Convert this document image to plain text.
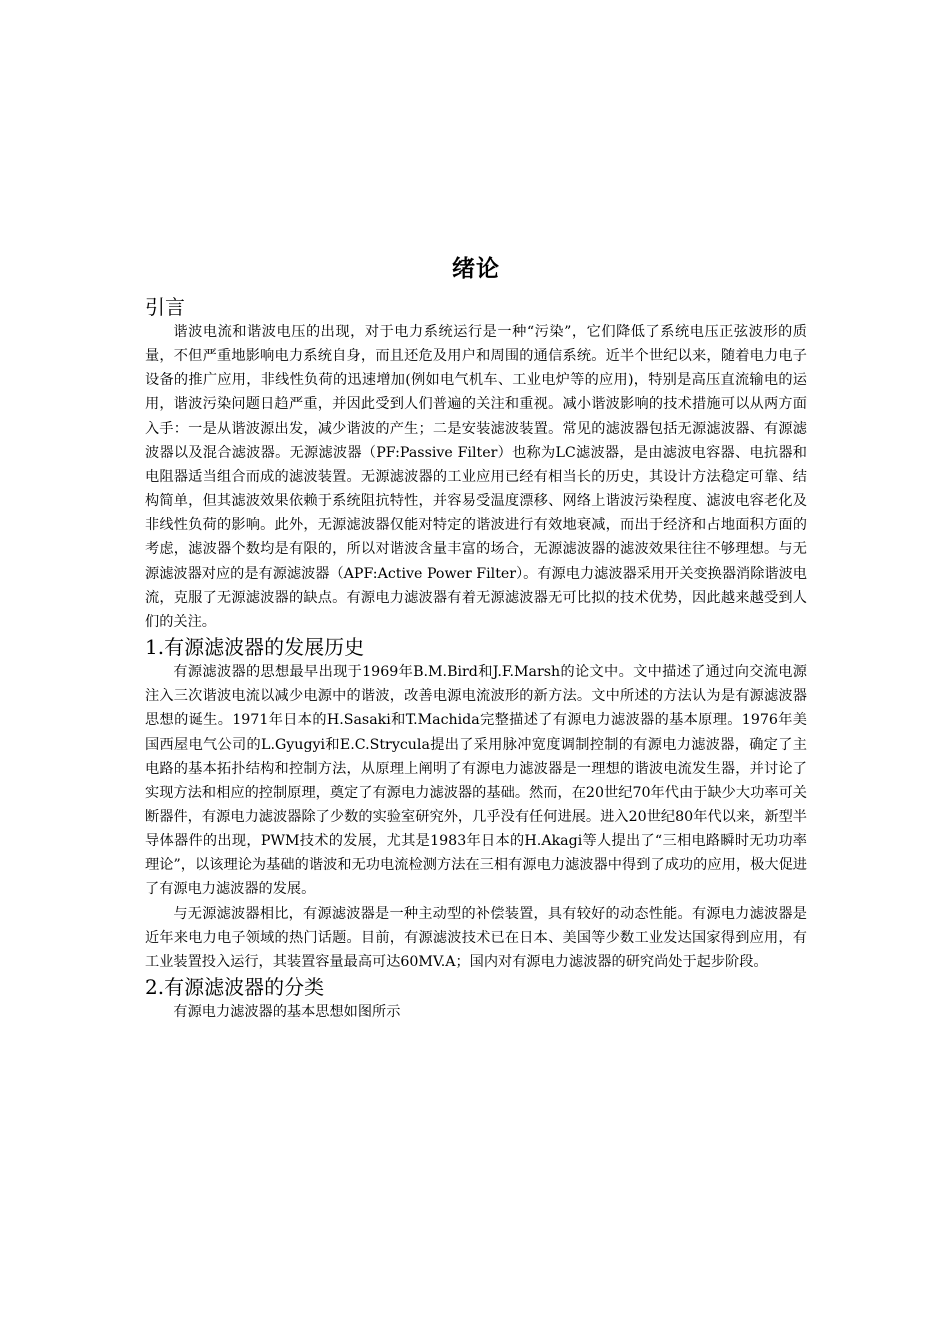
绪论
引言

谐波电流和谐波电压的出现，对于电力系统运行是一种“污染”，它们降低了系统电压正弦波形的质量，不但严重地影响电力系统自身，而且还危及用户和周围的通信系统。近半个世纪以来，随着电力电子设备的推广应用，非线性负荷的迅速增加(例如电气机车、工业电炉等的应用)，特别是高压直流输电的运用，谐波污染问题日趋严重，并因此受到人们普遍的关注和重视。减小谐波影响的技术措施可以从两方面入手：一是从谐波源出发，减少谐波的产生；二是安装滤波装置。常见的滤波器包括无源滤波器、有源滤波器以及混合滤波器。无源滤波器（PF:Passive Filter）也称为LC滤波器，是由滤波电容器、电抗器和电阻器适当组合而成的滤波装置。无源滤波器的工业应用已经有相当长的历史，其设计方法稳定可靠、结构简单，但其滤波效果依赖于系统阻抗特性，并容易受温度漂移、网络上谐波污染程度、滤波电容老化及非线性负荷的影响。此外，无源滤波器仅能对特定的谐波进行有效地衰减，而出于经济和占地面积方面的考虑，滤波器个数均是有限的，所以对谐波含量丰富的场合，无源滤波器的滤波效果往往不够理想。与无源滤波器对应的是有源滤波器（APF:Active Power Filter）。有源电力滤波器采用开关变换器消除谐波电流，克服了无源滤波器的缺点。有源电力滤波器有着无源滤波器无可比拟的技术优势，因此越来越受到人们的关注。

1.有源滤波器的发展历史

有源滤波器的思想最早出现于1969年B.M.Bird和J.F.Marsh的论文中。文中描述了通过向交流电源注入三次谐波电流以减少电源中的谐波，改善电源电流波形的新方法。文中所述的方法认为是有源滤波器思想的诞生。1971年日本的H.Sasaki和T.Machida完整描述了有源电力滤波器的基本原理。1976年美国西屋电气公司的L.Gyugyi和E.C.Strycula提出了采用脉冲宽度调制控制的有源电力滤波器，确定了主电路的基本拓扑结构和控制方法，从原理上阐明了有源电力滤波器是一理想的谐波电流发生器，并讨论了实现方法和相应的控制原理，奠定了有源电力滤波器的基础。然而，在20世纪70年代由于缺少大功率可关断器件，有源电力滤波器除了少数的实验室研究外，几乎没有任何进展。进入20世纪80年代以来，新型半导体器件的出现，PWM技术的发展，尤其是1983年日本的H.Akagi等人提出了“三相电路瞬时无功功率理论”，以该理论为基础的谐波和无功电流检测方法在三相有源电力滤波器中得到了成功的应用，极大促进了有源电力滤波器的发展。

与无源滤波器相比，有源滤波器是一种主动型的补偿装置，具有较好的动态性能。有源电力滤波器是近年来电力电子领域的热门话题。目前，有源滤波技术已在日本、美国等少数工业发达国家得到应用，有工业装置投入运行，其装置容量最高可达60MV.A；国内对有源电力滤波器的研究尚处于起步阶段。

2.有源滤波器的分类

有源电力滤波器的基本思想如图所示
